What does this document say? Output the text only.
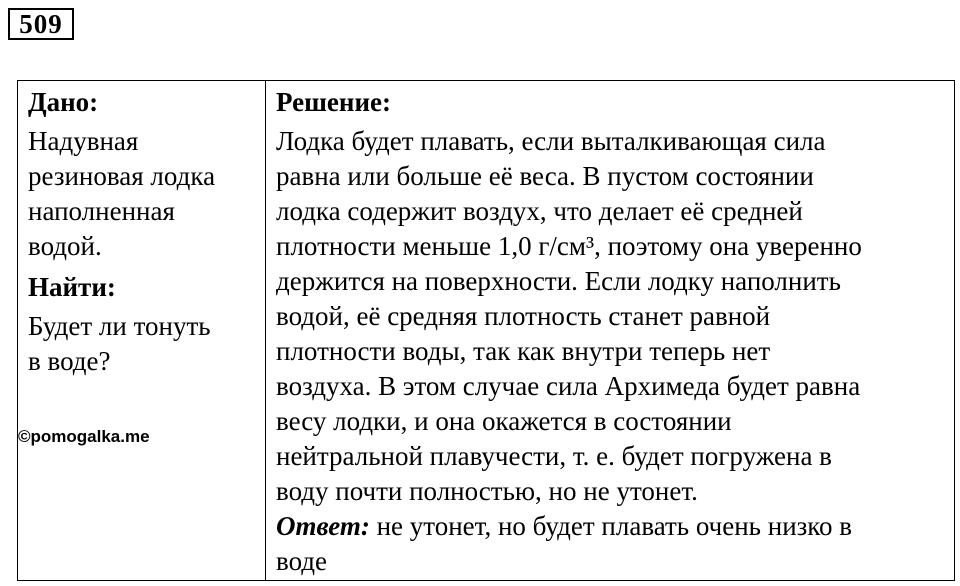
509

Дано:

Надувная
резиновая лодка
наполненная
водой.

Найти:

Будет ли тонуть
в воде?

Решение:

Лодка будет плавать, если выталкивающая сила

равна или больше её веса. В пустом состоянии

лодка содержит воздух, что делает её средней

плотности меньше 1,0 г/см³, поэтому она уверенно

держится на поверхности. Если лодку наполнить

водой, её средняя плотность станет равной

плотности воды, так как внутри теперь нет

воздуха. В этом случае сила Архимеда будет равна

весу лодки, и она окажется в состоянии

нейтральной плавучести, т. е. будет погружена в

воду почти полностью, но не утонет.

Ответ: не утонет, но будет плавать очень низко в

воде

©pomogalka.me
